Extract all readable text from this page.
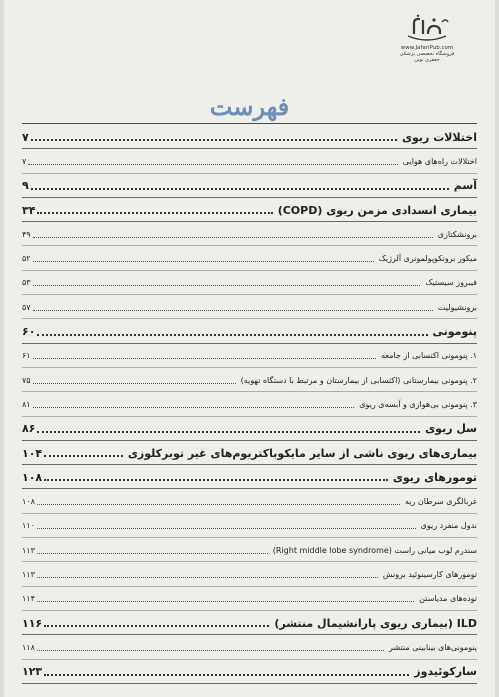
www.JafariPub.com
فروشگاه تخصصی پزشکی جعفری نوین
فهرست
اختلالات ریوی
۷
اختلالات راه‌های هوایی
۷
آسم
۹
بیماری انسدادی مزمن ریوی (COPD)
۳۴
برونشکتازی
۴۹
میکوز برونکوپولمونری آلرژیک
۵۲
فیبروز سیستیک
۵۳
برونشیولیت
۵۷
پنومونی
۶۰
۱. پنومونی اکتسابی از جامعه
۶۱
۲. پنومونی بیمارستانی (اکتسابی از بیمارستان و مرتبط با دستگاه تهویه)
۷۵
۳. پنومونی بی‌هوازی و آبسه‌ی ریوی
۸۱
سل ریوی
۸۶
بیماری‌های ریوی ناشی از سایر مایکوباکتریوم‌های غیر توبرکلوزی
۱۰۴
تومورهای ریوی
۱۰۸
غربالگری سرطان ریه
۱۰۸
ندول منفرد ریوی
۱۱۰
سندرم لوب میانی راست (Right middle lobe syndrome)
۱۱۳
تومورهای کارسینوئید برونش
۱۱۳
توده‌های مدیاستن
۱۱۴
ILD (بیماری ریوی پارانشیمال منتشر)
۱۱۶
پنومونی‌های بینابینی منتشر
۱۱۸
سارکوئیدوز
۱۲۳
